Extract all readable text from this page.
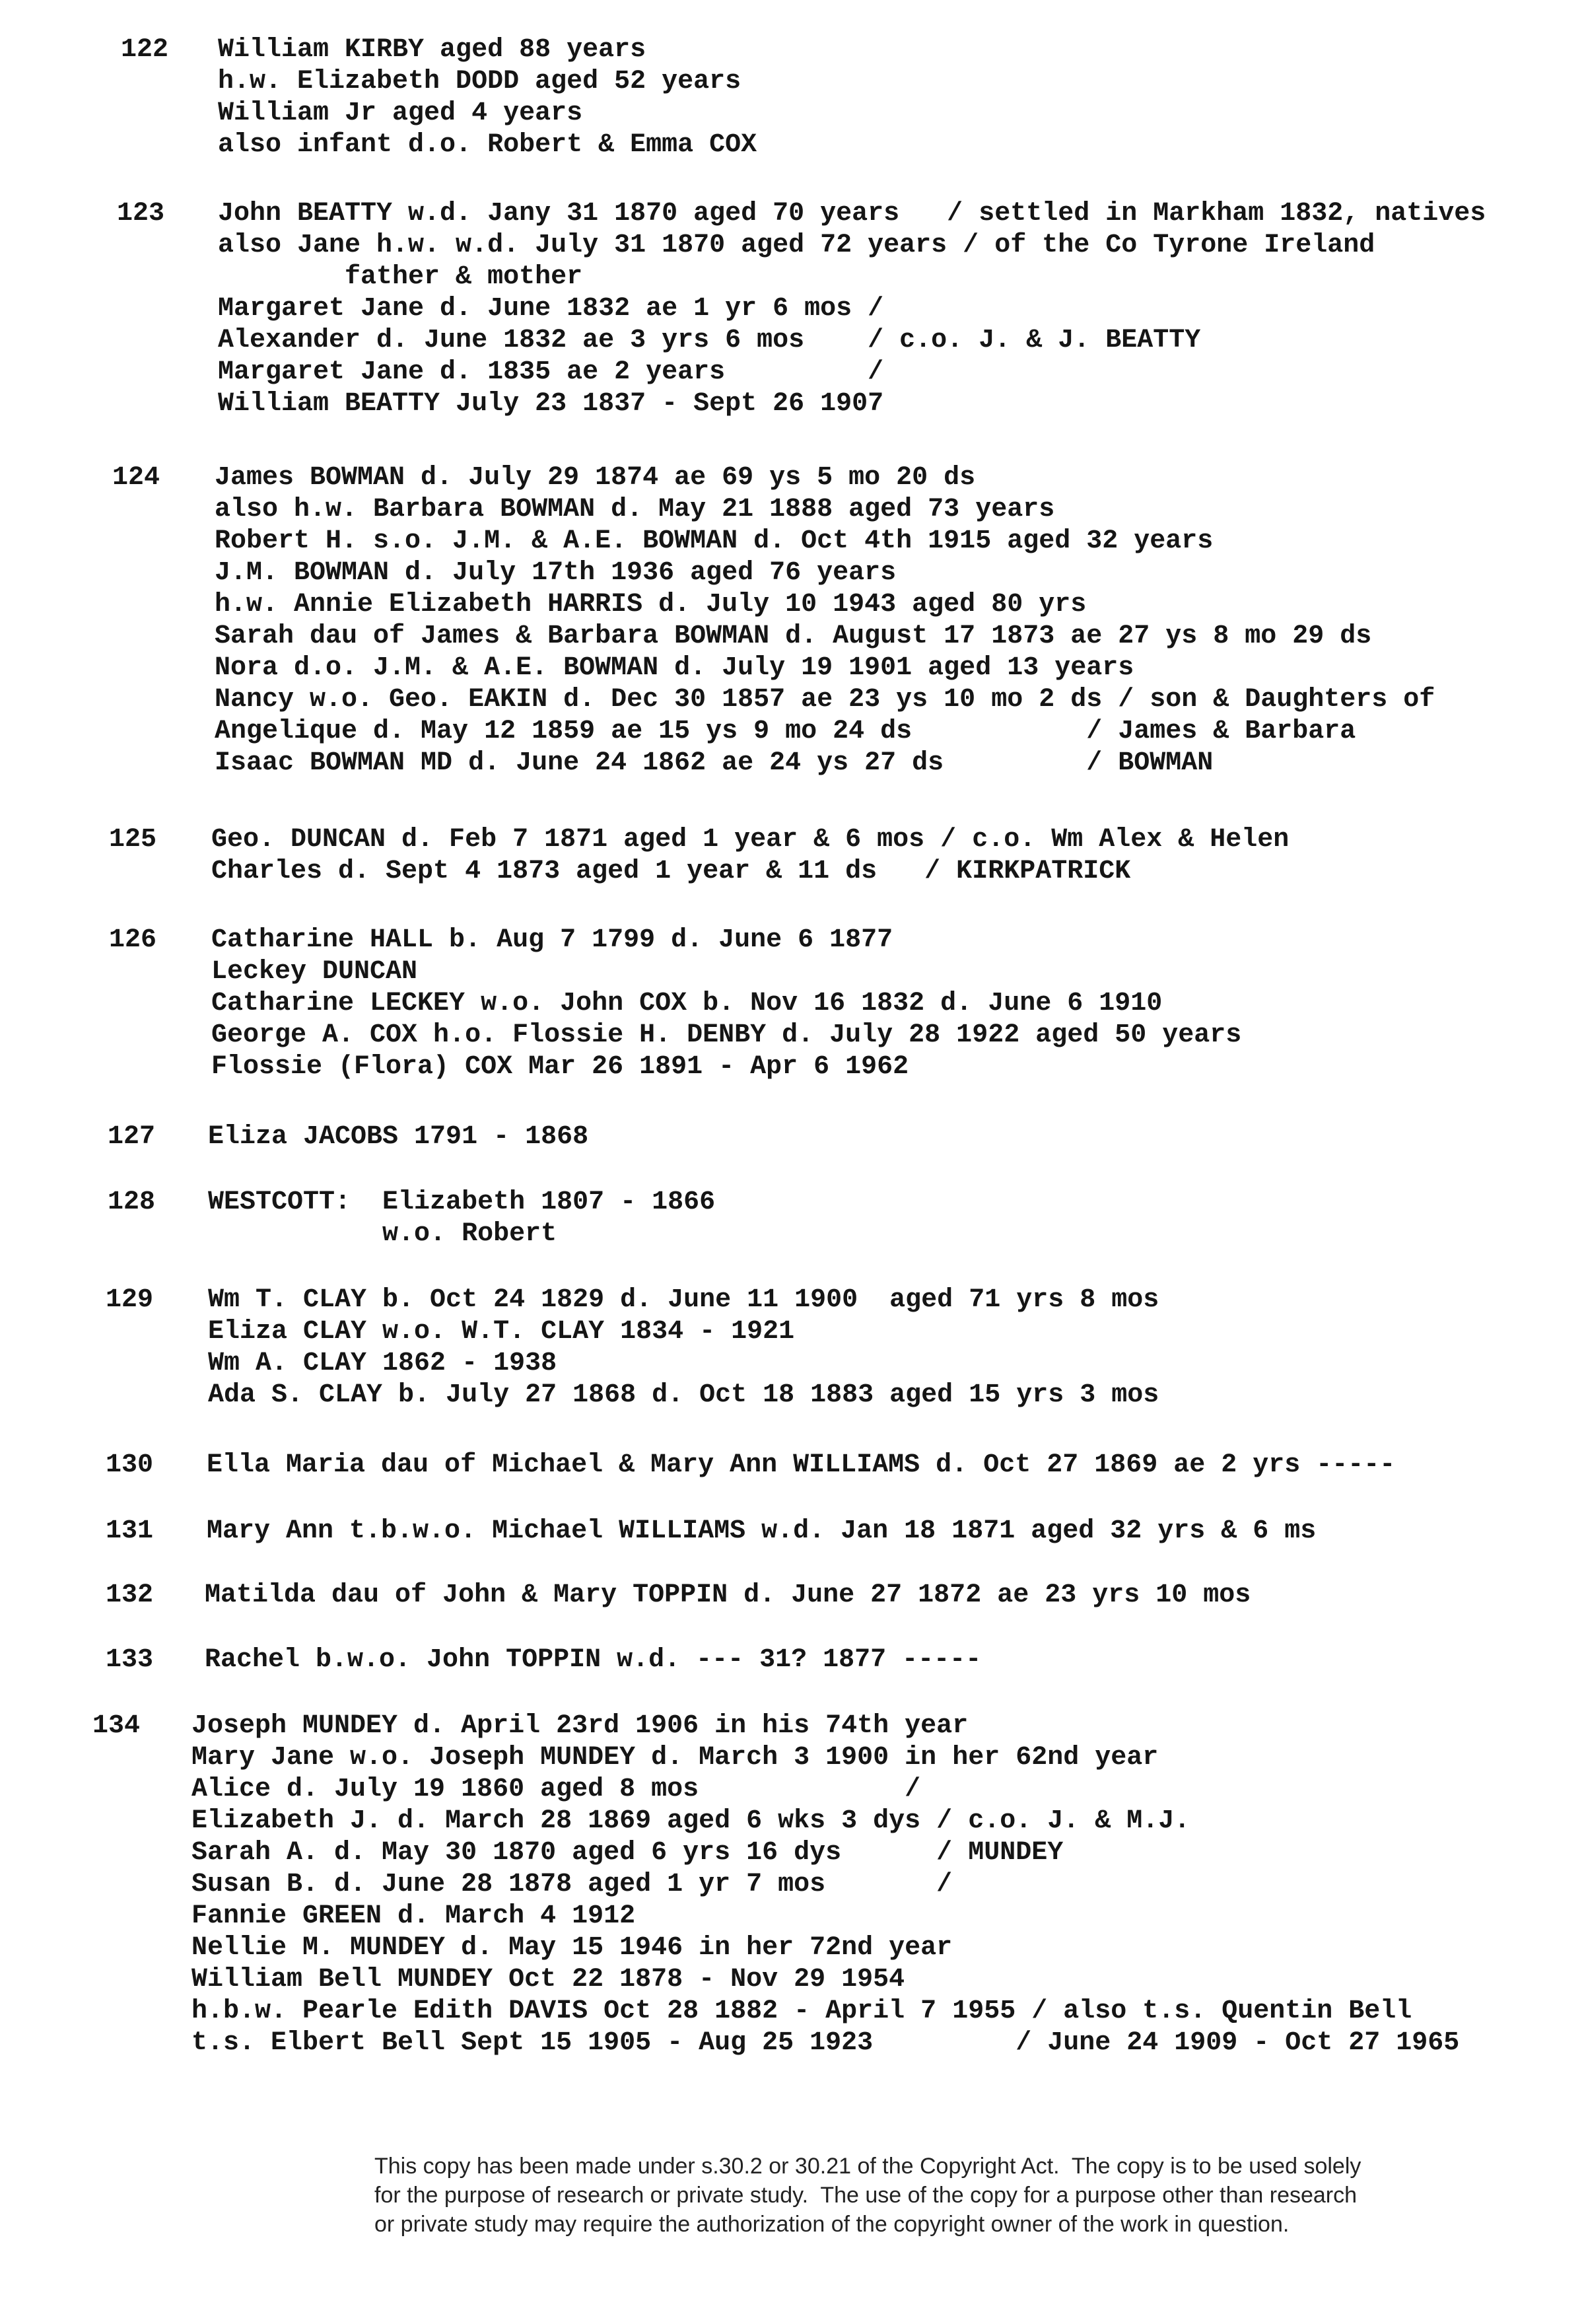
122 William KIRBY aged 88 years
h.w. Elizabeth DODD aged 52 years
William Jr aged 4 years
also infant d.o. Robert & Emma COX
123 John BEATTY w.d. Jany 31 1870 aged 70 years   / settled in Markham 1832, natives
also Jane h.w. w.d. July 31 1870 aged 72 years / of the Co Tyrone Ireland
father & mother
Margaret Jane d. June 1832 ae 1 yr 6 mos /
Alexander d. June 1832 ae 3 yrs 6 mos    / c.o. J. & J. BEATTY
Margaret Jane d. 1835 ae 2 years         /
William BEATTY July 23 1837 - Sept 26 1907
124 James BOWMAN d. July 29 1874 ae 69 ys 5 mo 20 ds
also h.w. Barbara BOWMAN d. May 21 1888 aged 73 years
Robert H. s.o. J.M. & A.E. BOWMAN d. Oct 4th 1915 aged 32 years
J.M. BOWMAN d. July 17th 1936 aged 76 years
h.w. Annie Elizabeth HARRIS d. July 10 1943 aged 80 yrs
Sarah dau of James & Barbara BOWMAN d. August 17 1873 ae 27 ys 8 mo 29 ds
Nora d.o. J.M. & A.E. BOWMAN d. July 19 1901 aged 13 years
Nancy w.o. Geo. EAKIN d. Dec 30 1857 ae 23 ys 10 mo 2 ds / son & Daughters of
Angelique d. May 12 1859 ae 15 ys 9 mo 24 ds           / James & Barbara
Isaac BOWMAN MD d. June 24 1862 ae 24 ys 27 ds         / BOWMAN
125 Geo. DUNCAN d. Feb 7 1871 aged 1 year & 6 mos / c.o. Wm Alex & Helen
Charles d. Sept 4 1873 aged 1 year & 11 ds   / KIRKPATRICK
126 Catharine HALL b. Aug 7 1799 d. June 6 1877
Leckey DUNCAN
Catharine LECKEY w.o. John COX b. Nov 16 1832 d. June 6 1910
George A. COX h.o. Flossie H. DENBY d. July 28 1922 aged 50 years
Flossie (Flora) COX Mar 26 1891 - Apr 6 1962
127 Eliza JACOBS 1791 - 1868
128 WESTCOTT:  Elizabeth 1807 - 1866
w.o. Robert
129 Wm T. CLAY b. Oct 24 1829 d. June 11 1900  aged 71 yrs 8 mos
Eliza CLAY w.o. W.T. CLAY 1834 - 1921
Wm A. CLAY 1862 - 1938
Ada S. CLAY b. July 27 1868 d. Oct 18 1883 aged 15 yrs 3 mos
130 Ella Maria dau of Michael & Mary Ann WILLIAMS d. Oct 27 1869 ae 2 yrs -----
131 Mary Ann t.b.w.o. Michael WILLIAMS w.d. Jan 18 1871 aged 32 yrs & 6 ms
132 Matilda dau of John & Mary TOPPIN d. June 27 1872 ae 23 yrs 10 mos
133 Rachel b.w.o. John TOPPIN w.d. --- 31? 1877 -----
134 Joseph MUNDEY d. April 23rd 1906 in his 74th year
Mary Jane w.o. Joseph MUNDEY d. March 3 1900 in her 62nd year
Alice d. July 19 1860 aged 8 mos             /
Elizabeth J. d. March 28 1869 aged 6 wks 3 dys / c.o. J. & M.J.
Sarah A. d. May 30 1870 aged 6 yrs 16 dys      / MUNDEY
Susan B. d. June 28 1878 aged 1 yr 7 mos       /
Fannie GREEN d. March 4 1912
Nellie M. MUNDEY d. May 15 1946 in her 72nd year
William Bell MUNDEY Oct 22 1878 - Nov 29 1954
h.b.w. Pearle Edith DAVIS Oct 28 1882 - April 7 1955 / also t.s. Quentin Bell
t.s. Elbert Bell Sept 15 1905 - Aug 25 1923         / June 24 1909 - Oct 27 1965
This copy has been made under s.30.2 or 30.21 of the Copyright Act.  The copy is to be used solely
for the purpose of research or private study.  The use of the copy for a purpose other than research
or private study may require the authorization of the copyright owner of the work in question.
